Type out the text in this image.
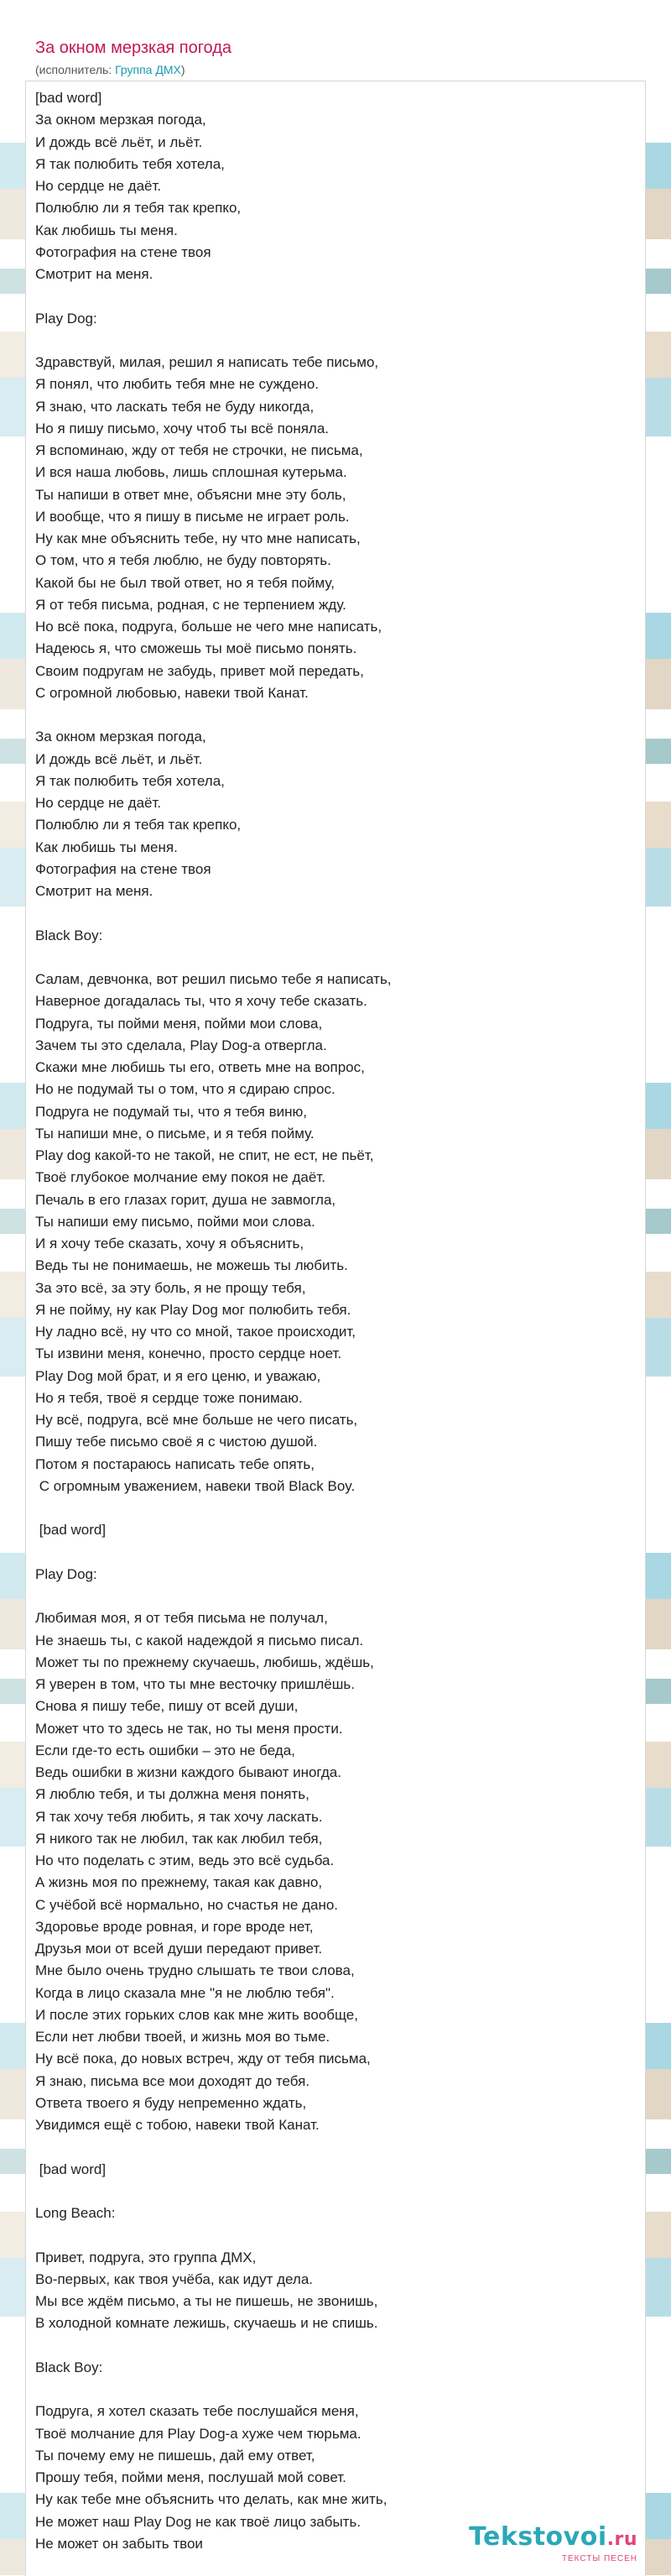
За окном мерзкая погода
(исполнитель: Группа ДМХ)
[bad word]
За окном мерзкая погода,
И дождь всё льёт, и льёт.
Я так полюбить тебя хотела,
Но сердце не даёт.
Полюблю ли я тебя так крепко,
Как любишь ты меня.
Фотография на стене твоя
Смотрит на меня.

Play Dog:

Здравствуй, милая, решил я написать тебе письмо,
Я понял, что любить тебя мне не суждено.
Я знаю, что ласкать тебя не буду никогда,
Но я пишу письмо, хочу чтоб ты всё поняла.
Я вспоминаю, жду от тебя не строчки, не письма,
И вся наша любовь, лишь сплошная кутерьма.
Ты напиши в ответ мне, объясни мне эту боль,
И вообще, что я пишу в письме не играет роль.
Ну как мне объяснить тебе, ну что мне написать,
О том, что я тебя люблю, не буду повторять.
Какой бы не был твой ответ, но я тебя пойму,
Я от тебя письма, родная, с не терпением жду.
Но всё пока, подруга, больше не чего мне написать,
Надеюсь я, что сможешь ты моё письмо понять.
Своим подругам не забудь, привет мой передать,
С огромной любовью, навеки твой Канат.

За окном мерзкая погода,
И дождь всё льёт, и льёт.
Я так полюбить тебя хотела,
Но сердце не даёт.
Полюблю ли я тебя так крепко,
Как любишь ты меня.
Фотография на стене твоя
Смотрит на меня.

Black Boy:

Салам, девчонка, вот решил письмо тебе я написать,
Наверное догадалась ты, что я хочу тебе сказать.
Подруга, ты пойми меня, пойми мои слова,
Зачем ты это сделала, Play Dog-а отвергла.
Скажи мне любишь ты его, ответь мне на вопрос,
Но не подумай ты о том, что я сдираю спрос.
Подруга не подумай ты, что я тебя виню,
Ты напиши мне, о письме, и я тебя пойму.
Play dog какой-то не такой, не спит, не ест, не пьёт,
Твоё глубокое молчание ему покоя не даёт.
Печаль в его глазах горит, душа не завмогла,
Ты напиши ему письмо, пойми мои слова.
И я хочу тебе сказать, хочу я объяснить,
Ведь ты не понимаешь, не можешь ты любить.
За это всё, за эту боль, я не прощу тебя,
Я не пойму, ну как Play Dog мог полюбить тебя.
Ну ладно всё, ну что со мной, такое происходит,
Ты извини меня, конечно, просто сердце ноет.
Play Dog мой брат, и я его ценю, и уважаю,
Но я тебя, твоё я сердце тоже понимаю.
Ну всё, подруга, всё мне больше не чего писать,
Пишу тебе письмо своё я с чистою душой.
Потом я постараюсь написать тебе опять,
С огромным уважением, навеки твой Black Boy.

[bad word]

Play Dog:

Любимая моя, я от тебя письма не получал,
Не знаешь ты, с какой надеждой я письмо писал.
Может ты по прежнему скучаешь, любишь, ждёшь,
Я уверен в том, что ты мне весточку пришлёшь.
Снова я пишу тебе, пишу от всей души,
Может что то здесь не так, но ты меня прости.
Если где-то есть ошибки – это не беда,
Ведь ошибки в жизни каждого бывают иногда.
Я люблю тебя, и ты должна меня понять,
Я так хочу тебя любить, я так хочу ласкать.
Я никого так не любил, так как любил тебя,
Но что поделать с этим, ведь это всё судьба.
А жизнь моя по прежнему, такая как давно,
С учёбой всё нормально, но счастья не дано.
Здоровье вроде ровная, и горе вроде нет,
Друзья мои от всей души передают привет.
Мне было очень трудно слышать те твои слова,
Когда в лицо сказала мне "я не люблю тебя".
И после этих горьких слов как мне жить вообще,
Если нет любви твоей, и жизнь моя во тьме.
Ну всё пока, до новых встреч, жду от тебя письма,
Я знаю, письма все мои доходят до тебя.
Ответа твоего я буду непременно ждать,
Увидимся ещё с тобою, навеки твой Канат.

[bad word]

Long Beach:

Привет, подруга, это группа ДМХ,
Во-первых, как твоя учёба, как идут дела.
Мы все ждём письмо, а ты не пишешь, не звонишь,
В холодной комнате лежишь, скучаешь и не спишь.

Black Boy:

Подруга, я хотел сказать тебе послушайся меня,
Твоё молчание для Play Dog-а хуже чем тюрьма.
Ты почему ему не пишешь, дай ему ответ,
Прошу тебя, пойми меня, послушай мой совет.
Ну как тебе мне объяснить что делать, как мне жить,
Не может наш Play Dog не как твоё лицо забыть.
Не может он забыть твои	Tekstovoi.ru
ТЕКСТЫ ПЕСЕН
